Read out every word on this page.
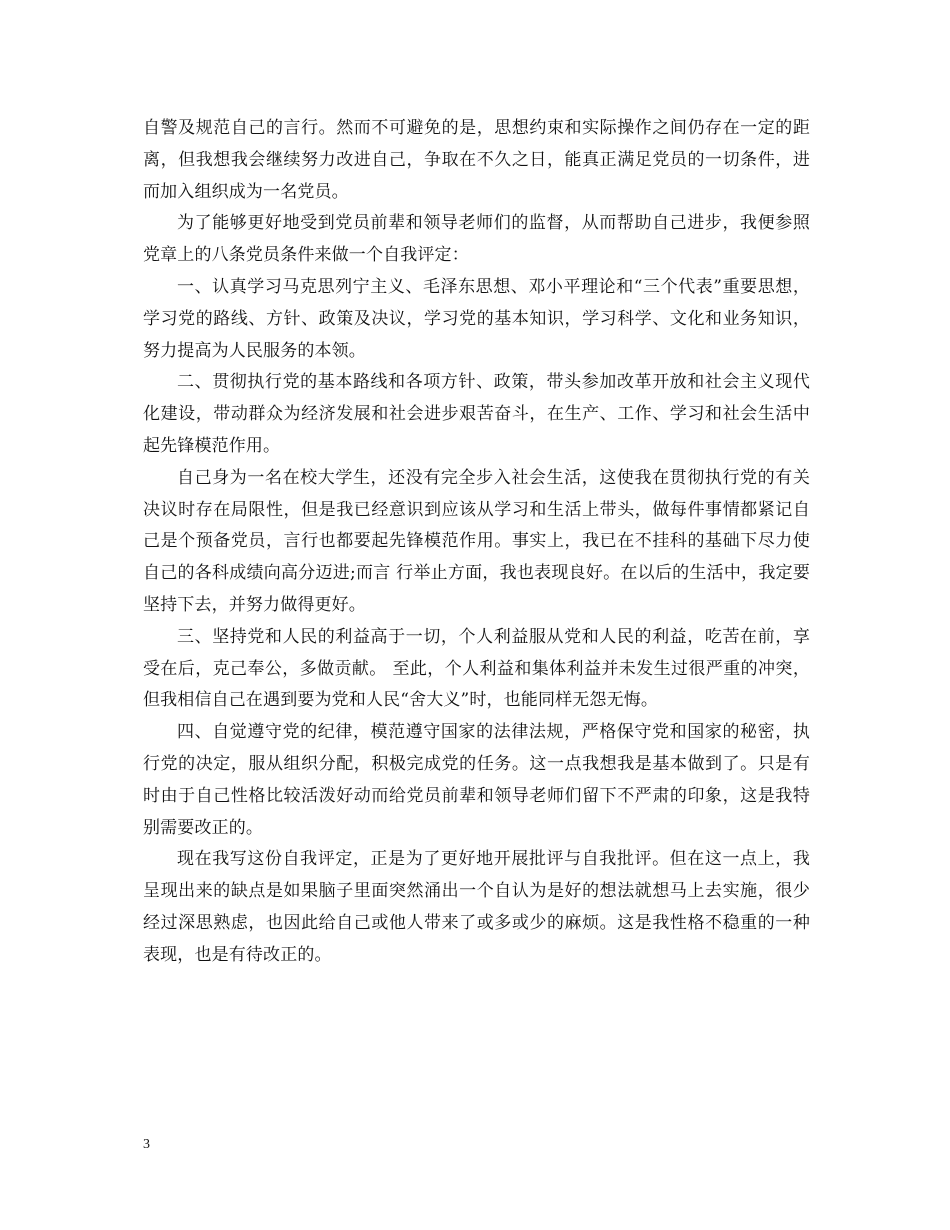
自警及规范自己的言行。然而不可避免的是，思想约束和实际操作之间仍存在一定的距离，但我想我会继续努力改进自己，争取在不久之日，能真正满足党员的一切条件，进而加入组织成为一名党员。

为了能够更好地受到党员前辈和领导老师们的监督，从而帮助自己进步，我便参照党章上的八条党员条件来做一个自我评定：

一、认真学习马克思列宁主义、毛泽东思想、邓小平理论和“三个代表”重要思想，学习党的路线、方针、政策及决议，学习党的基本知识，学习科学、文化和业务知识，努力提高为人民服务的本领。

二、贯彻执行党的基本路线和各项方针、政策，带头参加改革开放和社会主义现代化建设，带动群众为经济发展和社会进步艰苦奋斗，在生产、工作、学习和社会生活中起先锋模范作用。

自己身为一名在校大学生，还没有完全步入社会生活，这使我在贯彻执行党的有关决议时存在局限性，但是我已经意识到应该从学习和生活上带头，做每件事情都紧记自己是个预备党员，言行也都要起先锋模范作用。事实上，我已在不挂科的基础下尽力使自己的各科成绩向高分迈进;而言 行举止方面，我也表现良好。在以后的生活中，我定要坚持下去，并努力做得更好。

三、坚持党和人民的利益高于一切，个人利益服从党和人民的利益，吃苦在前，享受在后，克己奉公，多做贡献。 至此，个人利益和集体利益并未发生过很严重的冲突，但我相信自己在遇到要为党和人民“舍大义”时，也能同样无怨无悔。

四、自觉遵守党的纪律，模范遵守国家的法律法规，严格保守党和国家的秘密，执行党的决定，服从组织分配，积极完成党的任务。这一点我想我是基本做到了。只是有时由于自己性格比较活泼好动而给党员前辈和领导老师们留下不严肃的印象，这是我特别需要改正的。

现在我写这份自我评定，正是为了更好地开展批评与自我批评。但在这一点上，我呈现出来的缺点是如果脑子里面突然涌出一个自认为是好的想法就想马上去实施，很少经过深思熟虑，也因此给自己或他人带来了或多或少的麻烦。这是我性格不稳重的一种表现，也是有待改正的。

3
